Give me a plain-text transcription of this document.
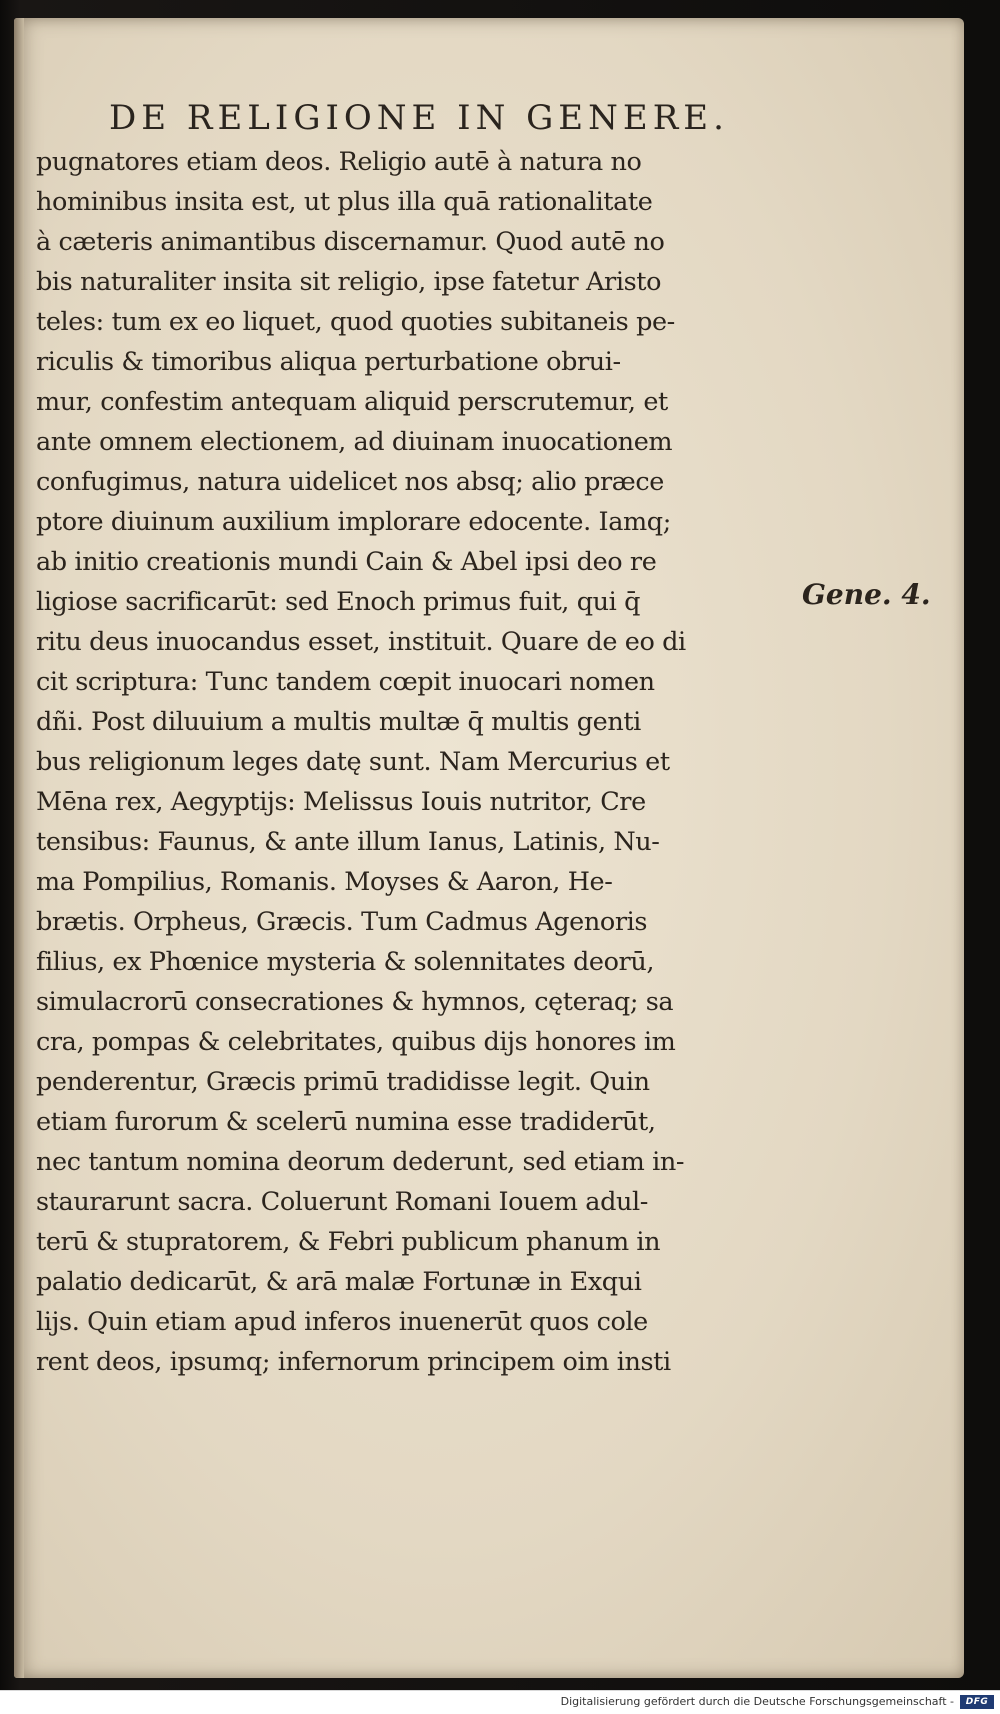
DE RELIGIONE IN GENERE.
pugnatores etiam deos. Religio autē à natura no
hominibus insita est, ut plus illa quā rationalitate
à cæteris animantibus discernamur. Quod autē no
bis naturaliter insita sit religio, ipse fatetur Aristo
teles: tum ex eo liquet, quod quoties subitaneis pe-
riculis & timoribus aliqua perturbatione obrui-
mur, confestim antequam aliquid perscrutemur, et
ante omnem electionem, ad diuinam inuocationem
confugimus, natura uidelicet nos absq; alio præce
ptore diuinum auxilium implorare edocente. Iamq;
ab initio creationis mundi Cain & Abel ipsi deo re
ligiose sacrificarūt: sed Enoch primus fuit, qui q̄
ritu deus inuocandus esset, instituit. Quare de eo di
cit scriptura: Tunc tandem cœpit inuocari nomen
dñi. Post diluuium a multis multæ q̄ multis genti
bus religionum leges datę sunt. Nam Mercurius et
Mēna rex, Aegyptijs: Melissus Iouis nutritor, Cre
tensibus: Faunus, & ante illum Ianus, Latinis, Nu-
ma Pompilius, Romanis. Moyses & Aaron, He-
brætis. Orpheus, Græcis. Tum Cadmus Agenoris
filius, ex Phœnice mysteria & solennitates deorū,
simulacrorū consecrationes & hymnos, cęteraq; sa
cra, pompas & celebritates, quibus dijs honores im
penderentur, Græcis primū tradidisse legit. Quin
etiam furorum & scelerū numina esse tradiderūt,
nec tantum nomina deorum dederunt, sed etiam in-
staurarunt sacra. Coluerunt Romani Iouem adul-
terū & stupratorem, & Febri publicum phanum in
palatio dedicarūt, & arā malæ Fortunæ in Exqui
lijs. Quin etiam apud inferos inuenerūt quos cole
rent deos, ipsumq; infernorum principem oim insti

Gene. 4.

Digitalisierung gefördert durch die Deutsche Forschungsgemeinschaft -	DFG
